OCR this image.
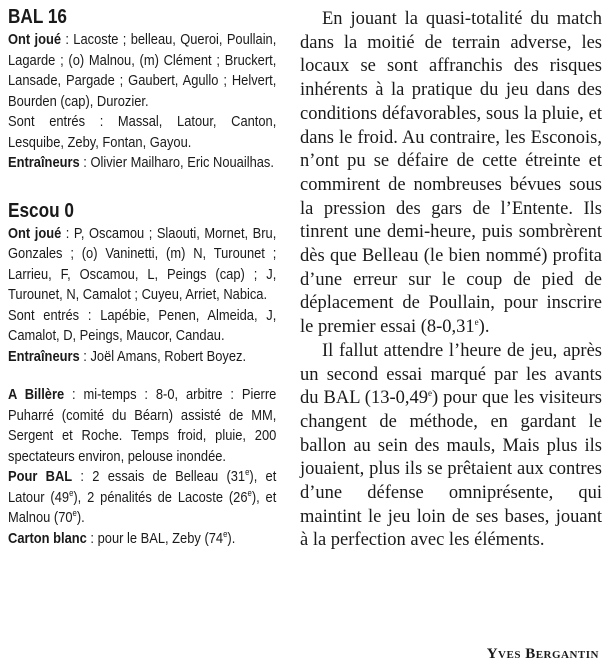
BAL 16

Ont joué : Lacoste ; belleau, Queroi, Poullain, Lagarde ; (o) Malnou, (m) Clément ; Bruckert, Lansade, Pargade ; Gaubert, Agullo ; Helvert, Bourden (cap), Durozier.

Sont entrés : Massal, Latour, Canton, Lesquibe, Zeby, Fontan, Gayou.

Entraîneurs : Olivier Mailharo, Eric Nouailhas.

Escou 0

Ont joué : P, Oscamou ; Slaouti, Mornet, Bru, Gonzales ; (o) Vaninetti, (m) N, Turounet ; Larrieu, F, Oscamou, L, Peings (cap) ; J, Turounet, N, Camalot ; Cuyeu, Arriet, Nabica.

Sont entrés : Lapébie, Penen, Almeida, J, Camalot, D, Peings, Maucor, Candau.

Entraîneurs : Joël Amans, Robert Boyez.

A Billère : mi-temps : 8-0, arbitre : Pierre Puharré (comité du Béarn) assisté de MM, Sergent et Roche. Temps froid, pluie, 200 spectateurs environ, pelouse inondée.

Pour BAL : 2 essais de Belleau (31e), et Latour (49e), 2 pénalités de Lacoste (26e), et Malnou (70e).

Carton blanc : pour le BAL, Zeby (74e).

En jouant la quasi-totalité du match dans la moitié de terrain adverse, les locaux se sont affranchis des risques inhérents à la pratique du jeu dans des conditions défavorables, sous la pluie, et dans le froid. Au contraire, les Esconois, n’ont pu se défaire de cette étreinte et commirent de nombreuses bévues sous la pression des gars de l’Entente. Ils tinrent une demi-heure, puis sombrèrent dès que Belleau (le bien nommé) profita d’une erreur sur le coup de pied de déplacement de Poullain, pour inscrire le premier essai (8-0,31e).

Il fallut attendre l’heure de jeu, après un second essai marqué par les avants du BAL (13-0,49e) pour que les visiteurs changent de méthode, en gardant le ballon au sein des mauls, Mais plus ils jouaient, plus ils se prêtaient aux contres d’une défense omniprésente, qui maintint le jeu loin de ses bases, jouant à la perfection avec les éléments.

Yves Bergantin
